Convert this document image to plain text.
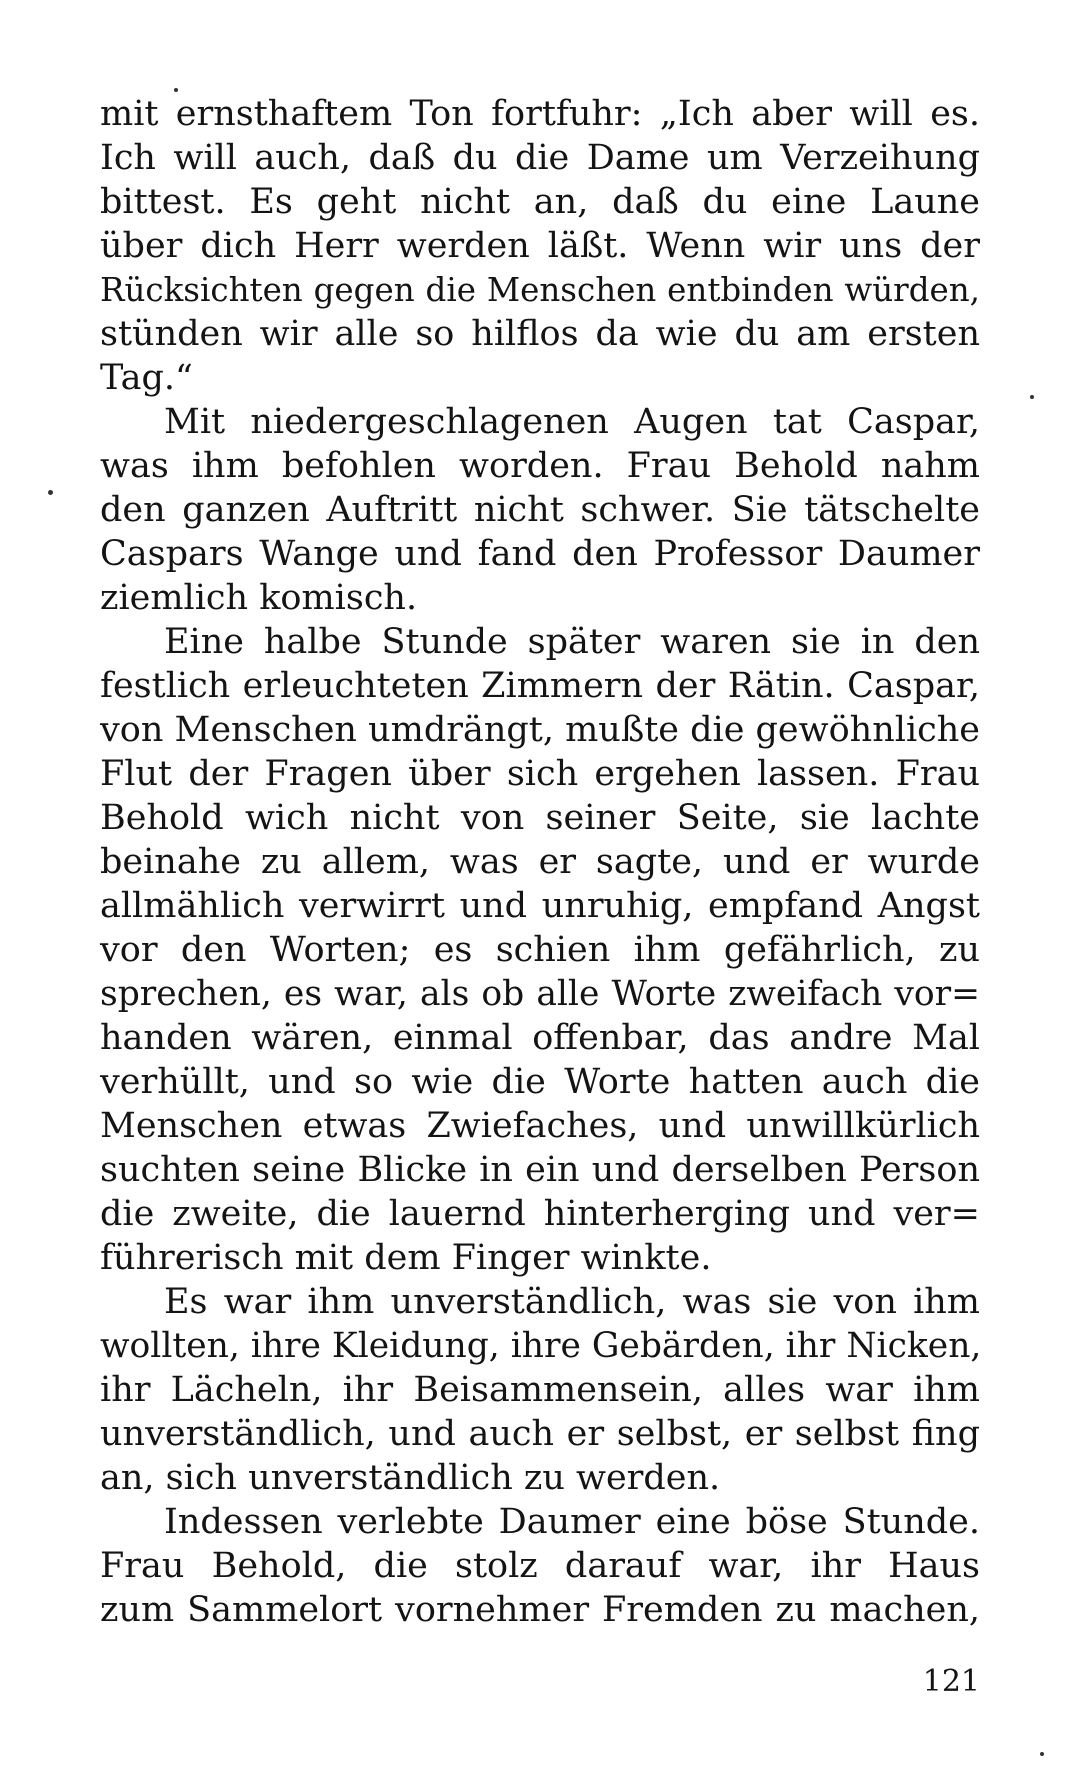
mit ernsthaftem Ton fortfuhr: „Ich aber will es.
Ich will auch, daß du die Dame um Verzeihung
bittest. Es geht nicht an, daß du eine Laune
über dich Herr werden läßt. Wenn wir uns der
Rücksichten gegen die Menschen entbinden würden,
stünden wir alle so hilflos da wie du am ersten
Tag.“
Mit niedergeschlagenen Augen tat Caspar,
was ihm befohlen worden. Frau Behold nahm
den ganzen Auftritt nicht schwer. Sie tätschelte
Caspars Wange und fand den Professor Daumer
ziemlich komisch.
Eine halbe Stunde später waren sie in den
festlich erleuchteten Zimmern der Rätin. Caspar,
von Menschen umdrängt, mußte die gewöhnliche
Flut der Fragen über sich ergehen lassen. Frau
Behold wich nicht von seiner Seite, sie lachte
beinahe zu allem, was er sagte, und er wurde
allmählich verwirrt und unruhig, empfand Angst
vor den Worten; es schien ihm gefährlich, zu
sprechen, es war, als ob alle Worte zweifach vor=
handen wären, einmal offenbar, das andre Mal
verhüllt, und so wie die Worte hatten auch die
Menschen etwas Zwiefaches, und unwillkürlich
suchten seine Blicke in ein und derselben Person
die zweite, die lauernd hinterherging und ver=
führerisch mit dem Finger winkte.
Es war ihm unverständlich, was sie von ihm
wollten, ihre Kleidung, ihre Gebärden, ihr Nicken,
ihr Lächeln, ihr Beisammensein, alles war ihm
unverständlich, und auch er selbst, er selbst fing
an, sich unverständlich zu werden.
Indessen verlebte Daumer eine böse Stunde.
Frau Behold, die stolz darauf war, ihr Haus
zum Sammelort vornehmer Fremden zu machen,
121
